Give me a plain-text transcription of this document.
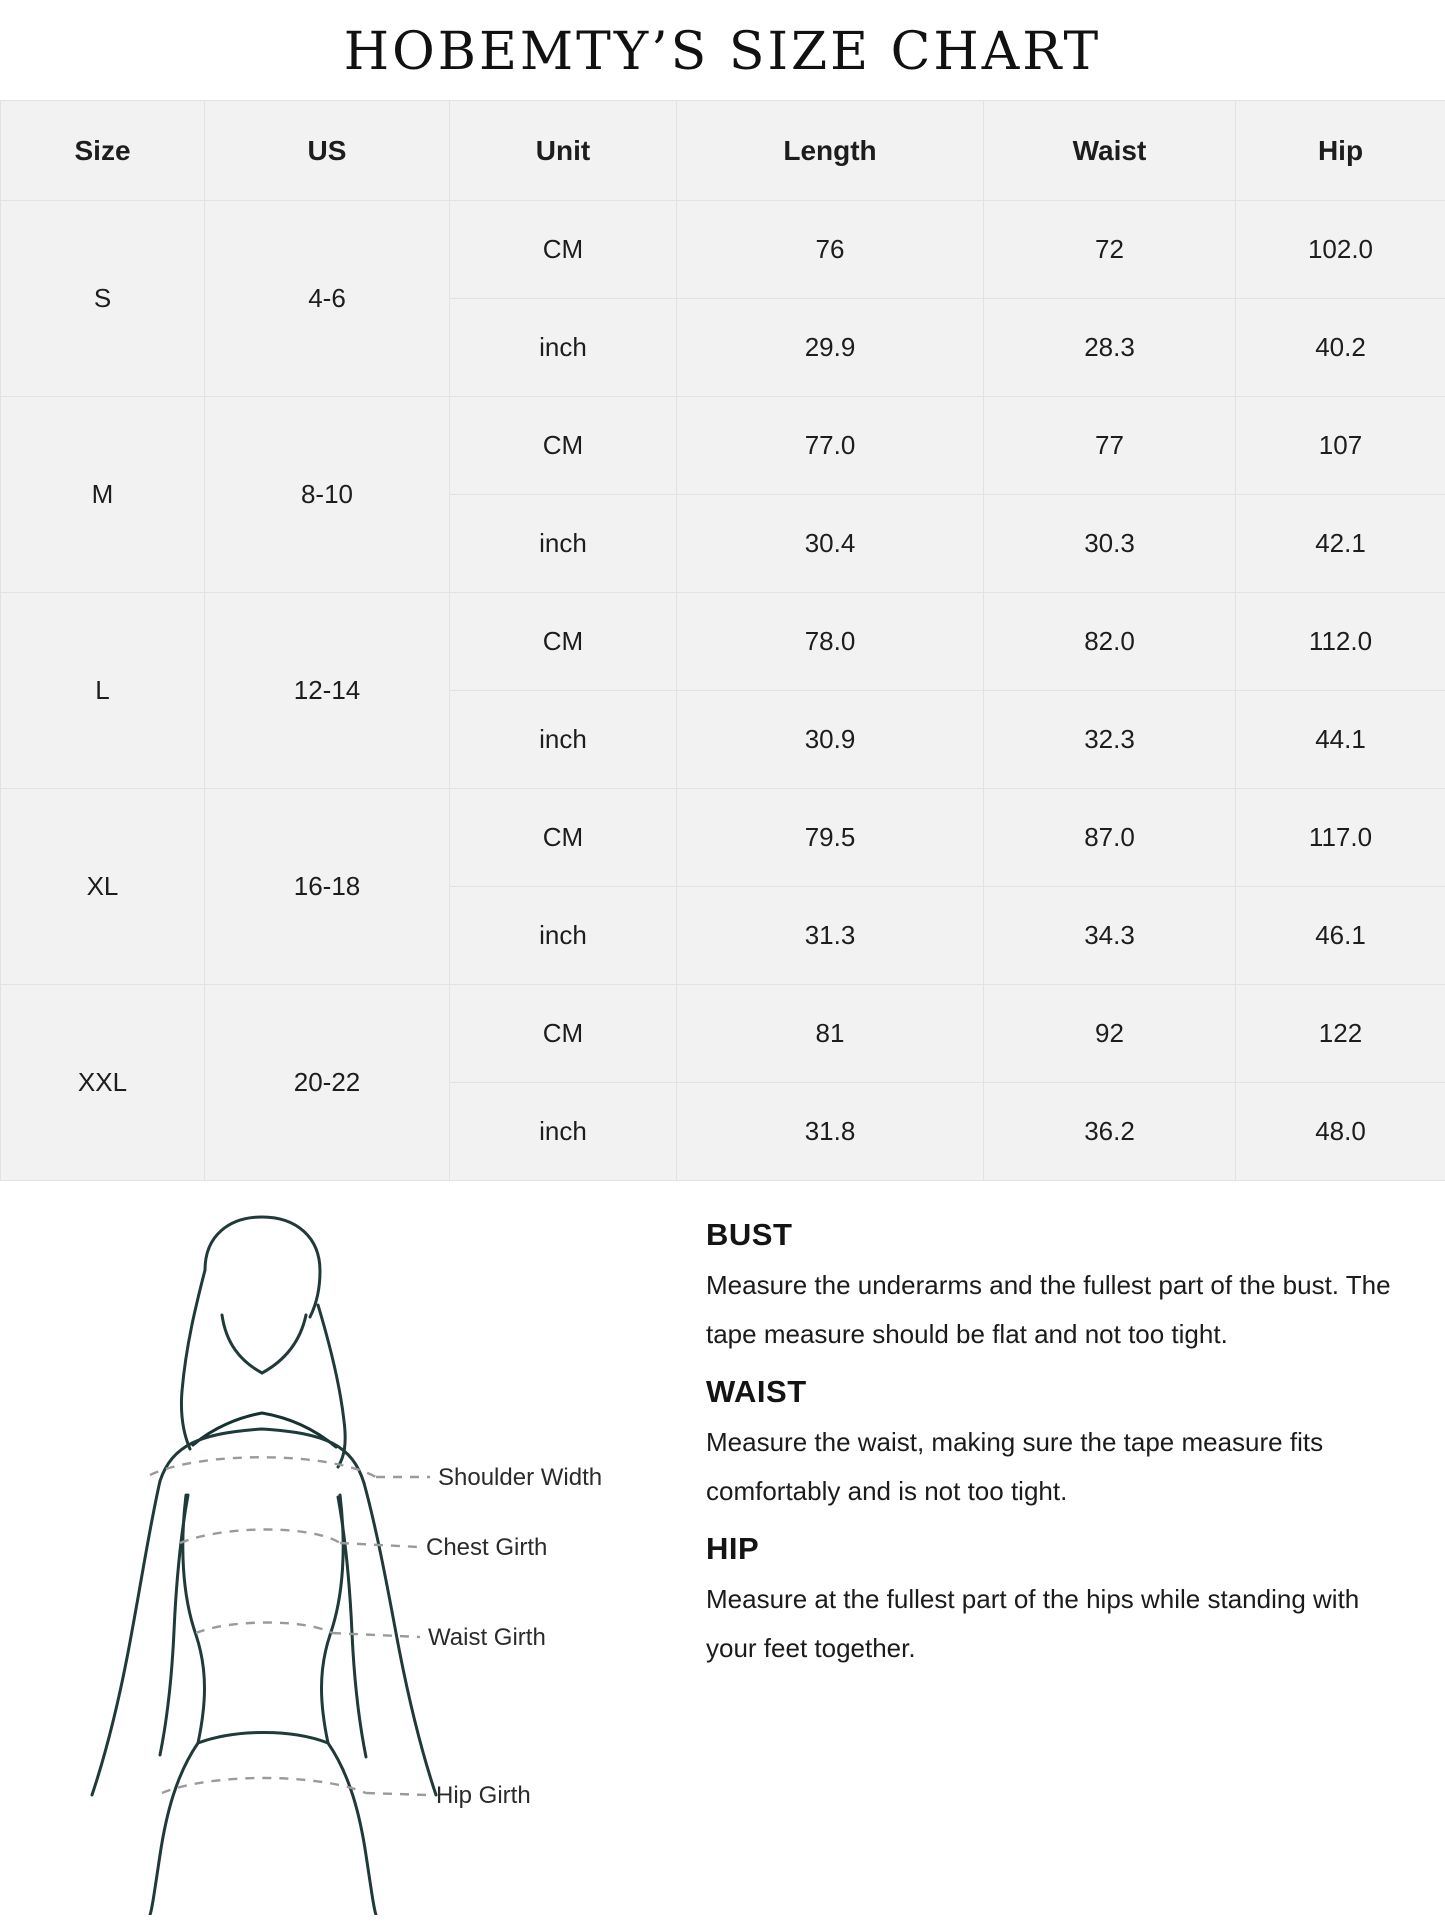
HOBEMTY’S SIZE CHART
Size	US	Unit	Length	Waist	Hip
S	4-6	CM	76	72	102.0
		inch	29.9	28.3	40.2
M	8-10	CM	77.0	77	107
		inch	30.4	30.3	42.1
L	12-14	CM	78.0	82.0	112.0
		inch	30.9	32.3	44.1
XL	16-18	CM	79.5	87.0	117.0
		inch	31.3	34.3	46.1
XXL	20-22	CM	81	92	122
		inch	31.8	36.2	48.0
Shoulder Width
Chest Girth
Waist Girth
Hip Girth
BUST

Measure the underarms and the fullest part of the bust. The tape measure should be flat and not too tight.

WAIST

Measure the waist, making sure the tape measure fits comfortably and is not too tight.

HIP

Measure at the fullest part of the hips while standing with your feet together.
